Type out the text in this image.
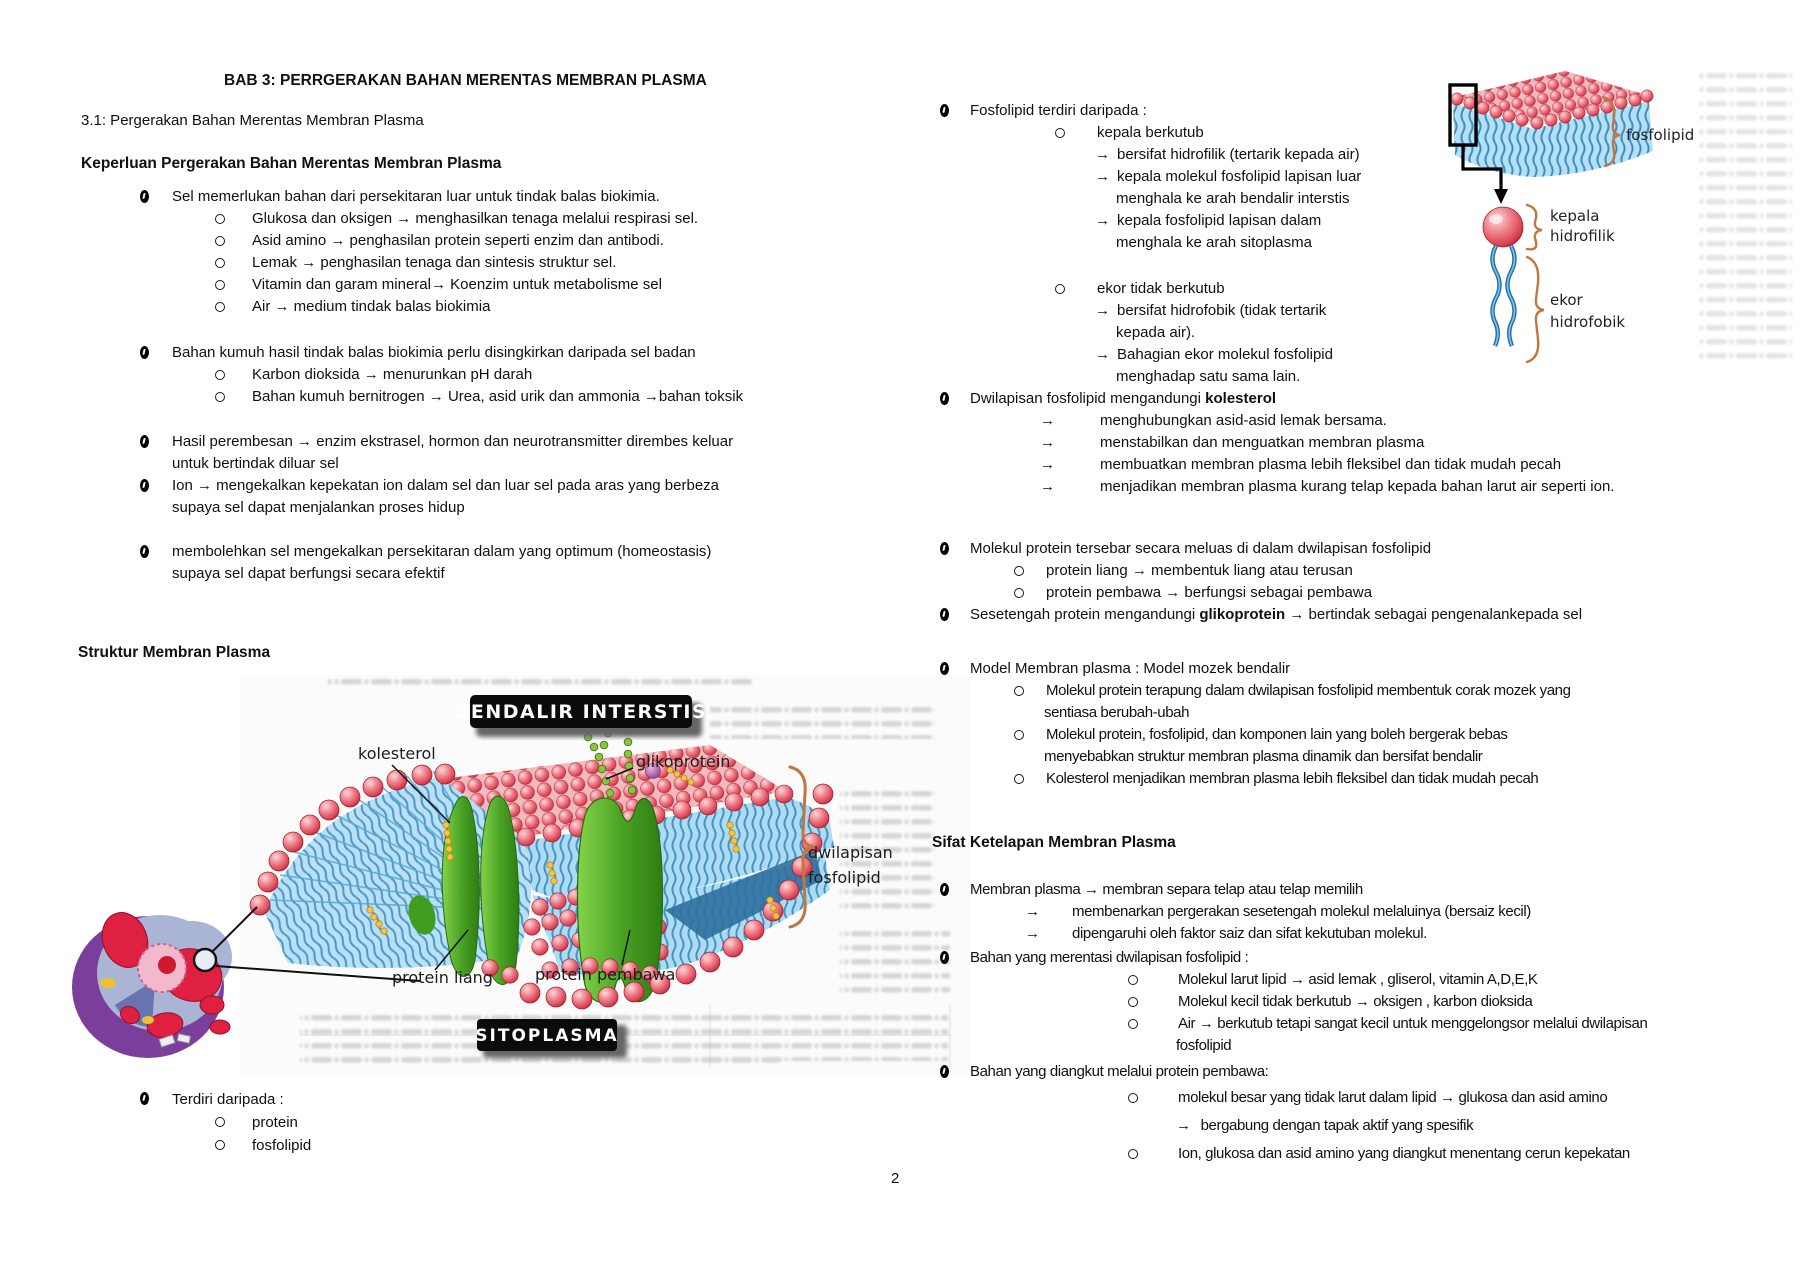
BAB 3: PERRGERAKAN BAHAN MERENTAS MEMBRAN PLASMA
3.1: Pergerakan Bahan Merentas Membran Plasma
Keperluan Pergerakan Bahan Merentas Membran Plasma
Sel memerlukan bahan dari persekitaran luar untuk tindak balas biokimia.
Glukosa dan oksigen → menghasilkan tenaga melalui respirasi sel.
Asid amino → penghasilan protein seperti enzim dan antibodi.
Lemak → penghasilan tenaga dan sintesis struktur sel.
Vitamin dan garam mineral→ Koenzim untuk metabolisme sel
Air → medium tindak balas biokimia
Bahan kumuh hasil tindak balas biokimia perlu disingkirkan daripada sel badan
Karbon dioksida → menurunkan pH darah
Bahan kumuh bernitrogen → Urea, asid urik dan ammonia →bahan toksik
Hasil perembesan → enzim ekstrasel, hormon dan neurotransmitter dirembes keluar
untuk bertindak diluar sel
Ion → mengekalkan kepekatan ion dalam sel dan luar sel pada aras yang berbeza
supaya sel dapat menjalankan proses hidup
membolehkan sel mengekalkan persekitaran dalam yang optimum (homeostasis)
supaya sel dapat berfungsi secara efektif
Struktur Membran Plasma
kolesterol	glikoprotein
protein liang	protein pembawa
dwilapisan
fosfolipid
BENDALIR INTERSTIS
SITOPLASMA
Terdiri daripada :
protein
fosfolipid
Fosfolipid terdiri daripada :
kepala berkutub
→ bersifat hidrofilik (tertarik kepada air)
→ kepala molekul fosfolipid lapisan luar
menghala ke arah bendalir interstis
→ kepala fosfolipid lapisan dalam
menghala ke arah sitoplasma
ekor tidak berkutub
→ bersifat hidrofobik (tidak tertarik
kepada air).
→ Bahagian ekor molekul fosfolipid
menghadap satu sama lain.
Dwilapisan fosfolipid mengandungi kolesterol
→	menghubungkan asid-asid lemak bersama.
→	menstabilkan dan menguatkan membran plasma
→	membuatkan membran plasma lebih fleksibel dan tidak mudah pecah
→	menjadikan membran plasma kurang telap kepada bahan larut air seperti ion.
Molekul protein tersebar secara meluas di dalam dwilapisan fosfolipid
protein liang → membentuk liang atau terusan
protein pembawa → berfungsi sebagai pembawa
Sesetengah protein mengandungi glikoprotein → bertindak sebagai pengenalankepada sel
Model Membran plasma : Model mozek bendalir
Molekul protein terapung dalam dwilapisan fosfolipid membentuk corak mozek yang
sentiasa berubah-ubah
Molekul protein, fosfolipid, dan komponen lain yang boleh bergerak bebas
menyebabkan struktur membran plasma dinamik dan bersifat bendalir
Kolesterol menjadikan membran plasma lebih fleksibel dan tidak mudah pecah
Sifat Ketelapan Membran Plasma
Membran plasma → membran separa telap atau telap memilih
→	membenarkan pergerakan sesetengah molekul melaluinya (bersaiz kecil)
→	dipengaruhi oleh faktor saiz dan sifat kekutuban molekul.
Bahan yang merentasi dwilapisan fosfolipid :
Molekul larut lipid → asid lemak , gliserol, vitamin A,D,E,K
Molekul kecil tidak berkutub → oksigen , karbon dioksida
Air → berkutub tetapi sangat kecil untuk menggelongsor melalui dwilapisan
fosfolipid
Bahan yang diangkut melalui protein pembawa:
molekul besar yang tidak larut dalam lipid → glukosa dan asid amino
→ bergabung dengan tapak aktif yang spesifik
Ion, glukosa dan asid amino yang diangkut menentang cerun kepekatan
fosfolipid
kepala
hidrofilik
ekor
hidrofobik
2
